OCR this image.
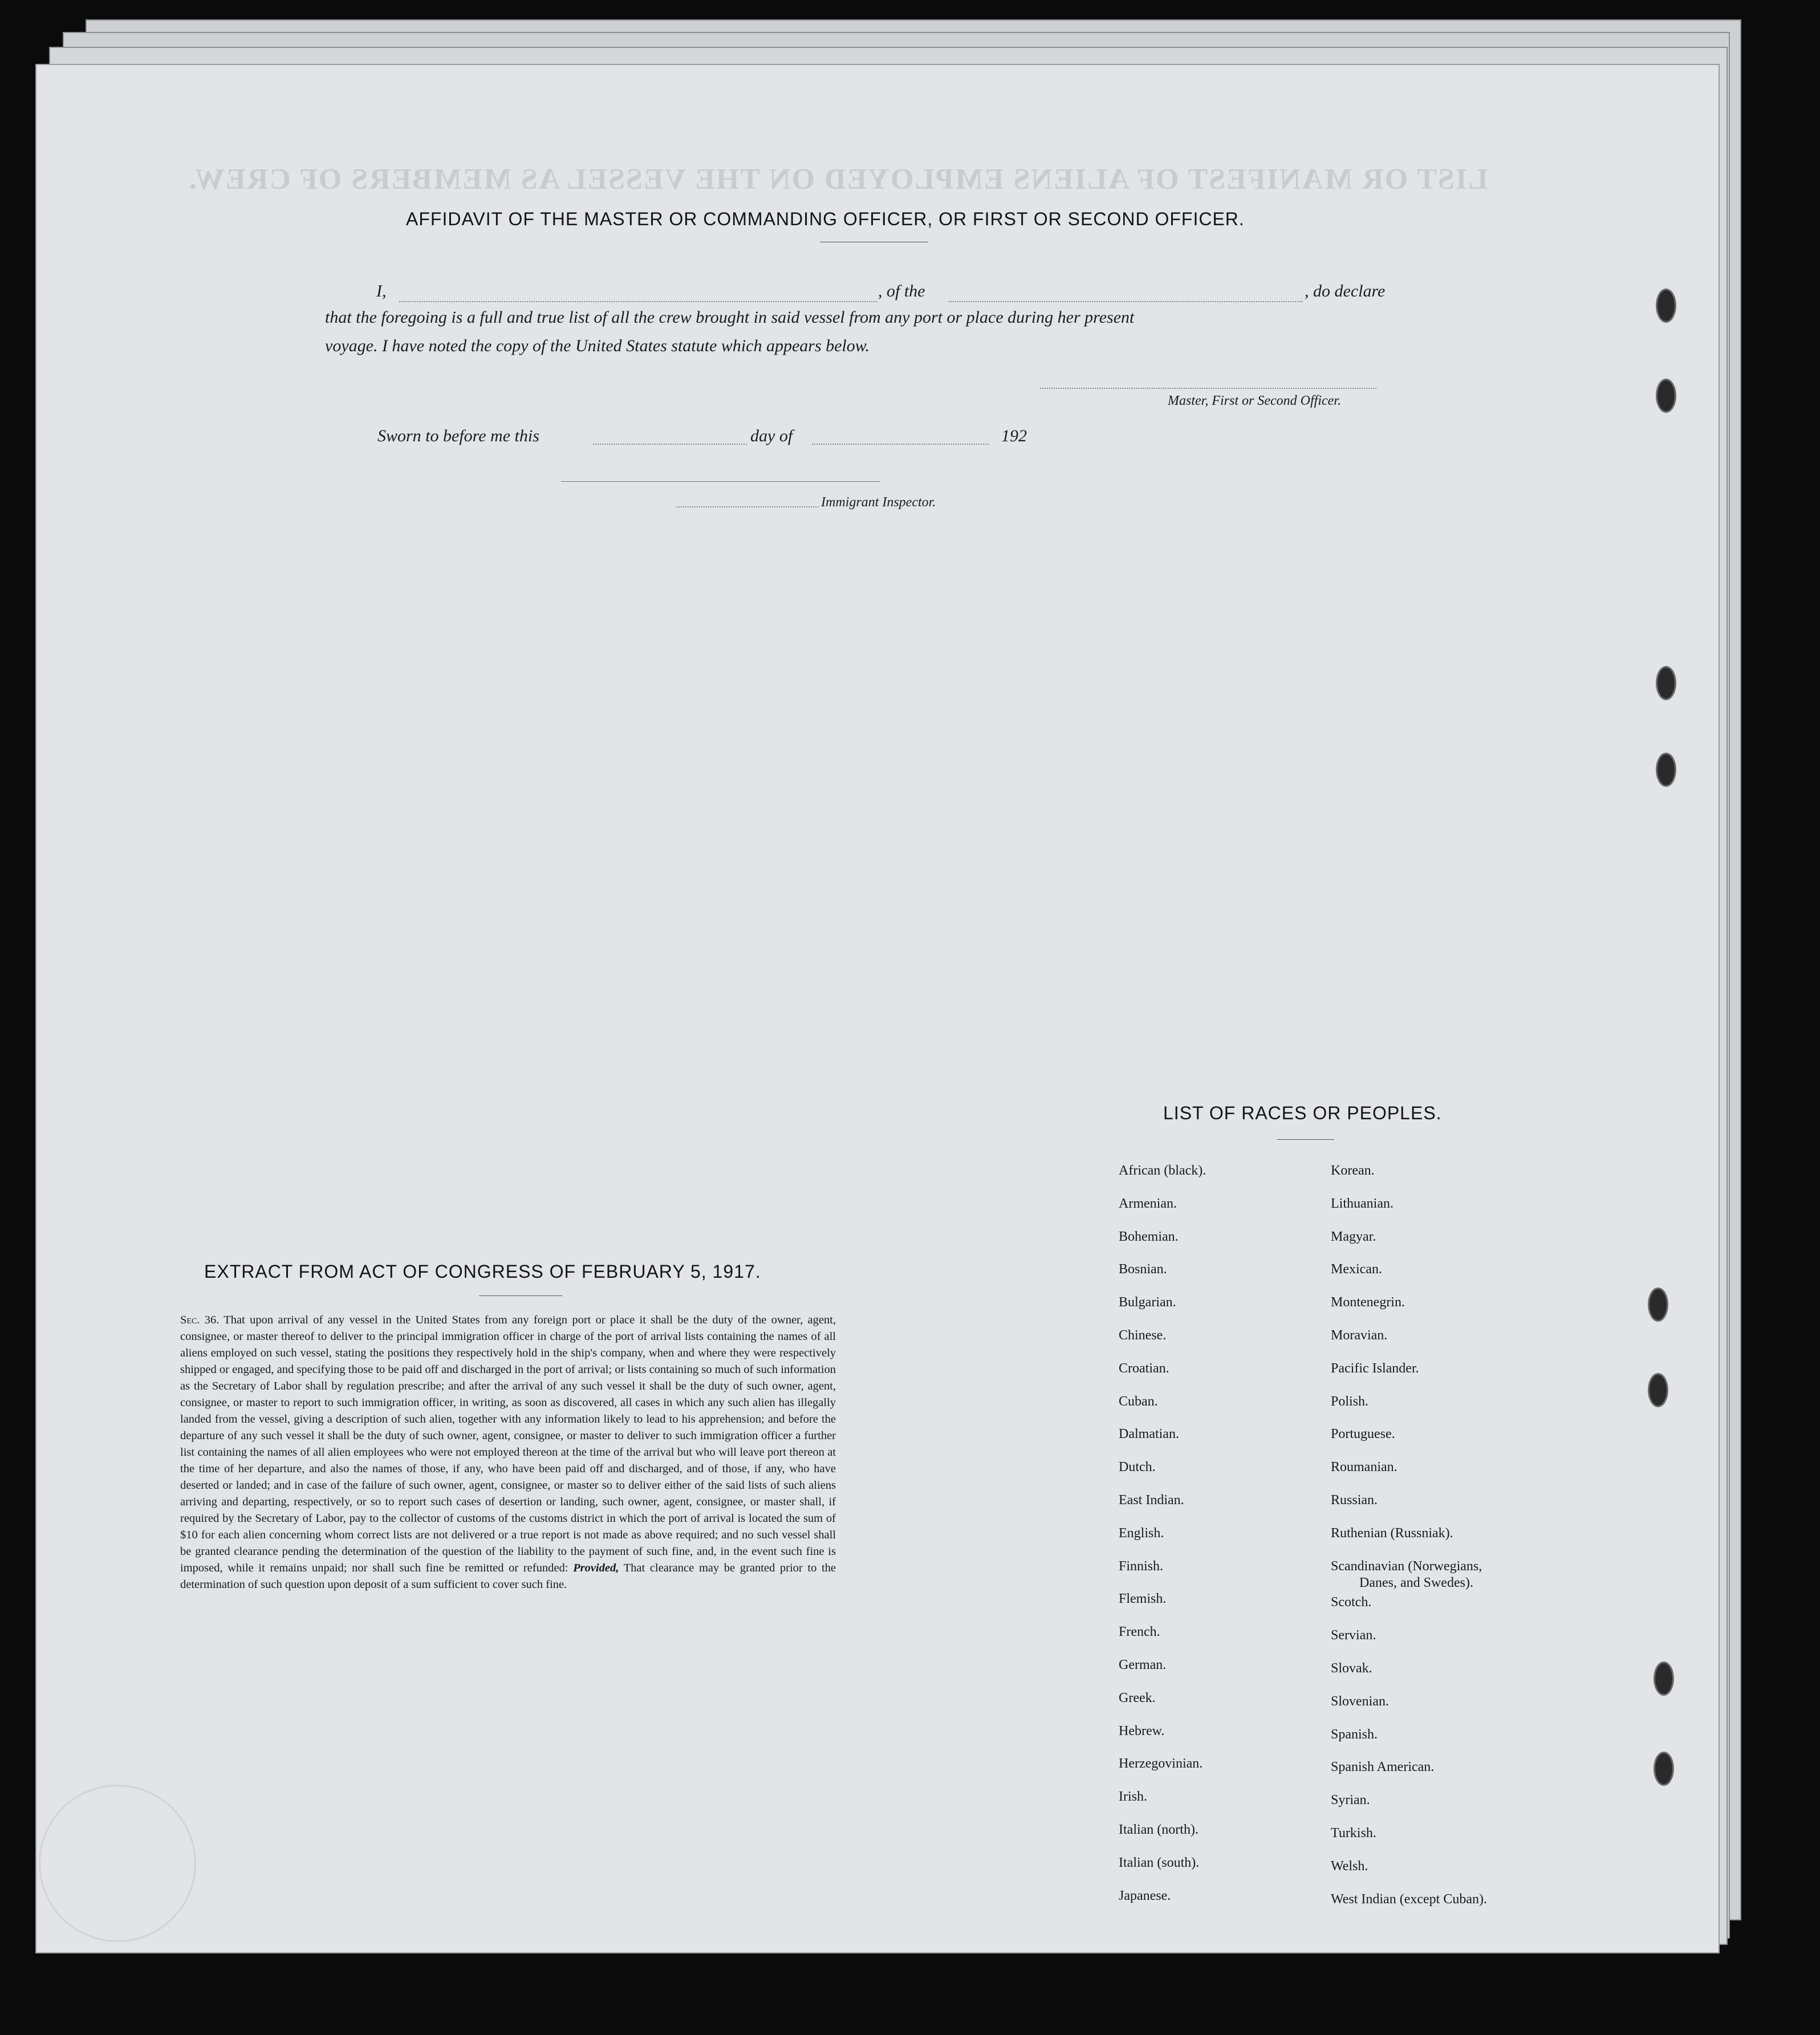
LIST OR MANIFEST OF ALIENS EMPLOYED ON THE VESSEL AS MEMBERS OF CREW.
AFFIDAVIT OF THE MASTER OR COMMANDING OFFICER, OR FIRST OR SECOND OFFICER.
I,	, of the	, do declare
that the foregoing is a full and true list of all the crew brought in said vessel from any port or place during her present
voyage. I have noted the copy of the United States statute which appears below.
Master, First or Second Officer.
Sworn to before me this	day of	192
Immigrant Inspector.
EXTRACT FROM ACT OF CONGRESS OF FEBRUARY 5, 1917.
Sec. 36. That upon arrival of any vessel in the United States from any foreign port or place it shall be the duty of the owner, agent, consignee, or master thereof to deliver to the principal immigration officer in charge of the port of arrival lists containing the names of all aliens employed on such vessel, stating the positions they respectively hold in the ship's company, when and where they were respectively shipped or engaged, and specifying those to be paid off and discharged in the port of arrival; or lists containing so much of such information as the Secretary of Labor shall by regulation prescribe; and after the arrival of any such vessel it shall be the duty of such owner, agent, consignee, or master to report to such immigration officer, in writing, as soon as discovered, all cases in which any such alien has illegally landed from the vessel, giving a description of such alien, together with any information likely to lead to his apprehension; and before the departure of any such vessel it shall be the duty of such owner, agent, consignee, or master to deliver to such immigration officer a further list containing the names of all alien employees who were not employed thereon at the time of the arrival but who will leave port thereon at the time of her departure, and also the names of those, if any, who have been paid off and discharged, and of those, if any, who have deserted or landed; and in case of the failure of such owner, agent, consignee, or master so to deliver either of the said lists of such aliens arriving and departing, respectively, or so to report such cases of desertion or landing, such owner, agent, consignee, or master shall, if required by the Secretary of Labor, pay to the collector of customs of the customs district in which the port of arrival is located the sum of $10 for each alien concerning whom correct lists are not delivered or a true report is not made as above required; and no such vessel shall be granted clearance pending the determination of the question of the liability to the payment of such fine, and, in the event such fine is imposed, while it remains unpaid; nor shall such fine be remitted or refunded: Provided, That clearance may be granted prior to the determination of such question upon deposit of a sum sufficient to cover such fine.
LIST OF RACES OR PEOPLES.
African (black).
Armenian.
Bohemian.
Bosnian.
Bulgarian.
Chinese.
Croatian.
Cuban.
Dalmatian.
Dutch.
East Indian.
English.
Finnish.
Flemish.
French.
German.
Greek.
Hebrew.
Herzegovinian.
Irish.
Italian (north).
Italian (south).
Japanese.
Korean.
Lithuanian.
Magyar.
Mexican.
Montenegrin.
Moravian.
Pacific Islander.
Polish.
Portuguese.
Roumanian.
Russian.
Ruthenian (Russniak).
Scandinavian (Norwegians,
Scotch.
Servian.
Slovak.
Slovenian.
Spanish.
Spanish American.
Syrian.
Turkish.
Welsh.
West Indian (except Cuban).
Danes, and Swedes).
